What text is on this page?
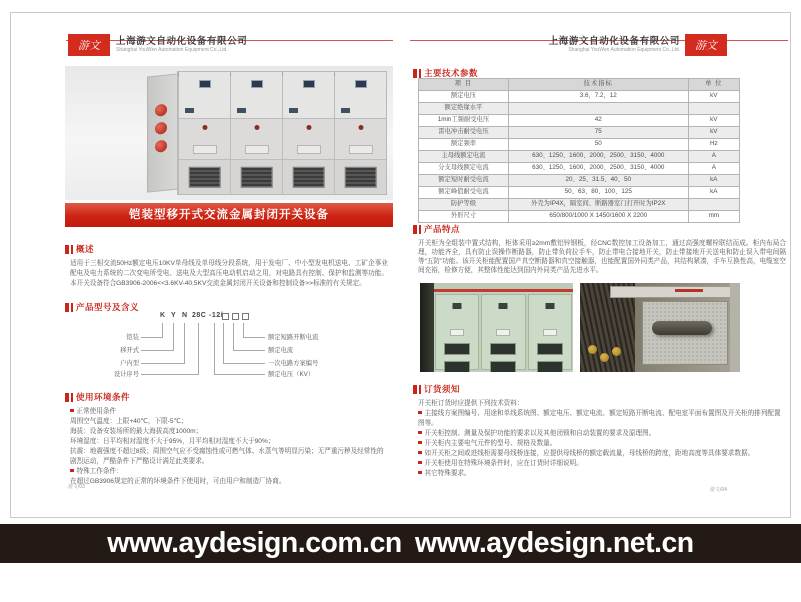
游文 上海游文自动化设备有限公司
Shanghai YouWen Automation Equipment Co.,Ltd.
铠装型移开式交流金属封闭开关设备
概述
适用于三相交流50Hz额定电压10KV单母线及单母线分段系统，用于发电厂、中小型发电机送电、工矿企事业配电及电力系统的二次变电所受电、送电及大型高压电动机启动之用，对电路具有控制、保护和监测等功能。本开关设备符合GB3906-2006<<3.6KV-40.5KV交流金属封闭开关设备和控制设备>>标准的有关规定。
产品型号及含义
K Y N 28C -12/
铠装
移开式
户内型
设计序号
额定短路开断电流
额定电流
一次电路方案编号
额定电压（KV）
使用环境条件
正常使用条件
周围空气温度：上限+40℃，下限-5℃；
海拔：设备安装场所的最大海拔高度1000m；
环境湿度：日平均相对湿度不大于95%，月平均相对湿度不大于90%；
抗震：地震强度不超过8级；周围空气应不受腐蚀性或可燃气体、水蒸气等明显污染；无严重污秽及经常性的剧烈运动，严酷条件下严酷设计满足此类要求。
特殊工作条件：
在超过GB3906规定的正常的环境条件下使用时，可由用户和制造厂协商。
游文/03
上海游文自动化设备有限公司
Shanghai YouWen Automation Equipment Co.,Ltd. 游文
主要技术参数
项 目	技术指标	单 位
额定电压	3.6，7.2，12	kV
额定绝缘水平		
1min工频耐受电压	42	kV
雷电冲击耐受电压	75	kV
额定频率	50	Hz
主母线额定电流	630、1250、1600、2000、2500、3150、4000	A
分支母线额定电流	630、1250、1600、2000、2500、3150、4000	A
额定短时耐受电流	20、25、31.5、40、50	kA
额定峰值耐受电流	50、63、80、100、125	kA
防护等级	外壳为IP4X，隔室间、断路器室门打开时为IP2X	
外形尺寸	650/800/1000 X 1450/1600 X 2200	mm
产品特点
开关柜为全组装中置式结构，柜体采用≥2mm敷铝锌钢板，经CNC数控加工设备加工，通过高强度螺栓联结而成。柜内布局合理，功能齐全，具有防止误操作断路器，防止带负荷拉手车，防止带电合接地开关，防止带接地开关送电和防止误入带电间隔等“五防”功能。该开关柜能配置国产真空断路器和真空接触器，也能配置国外同类产品，其结构紧凑，手车互换性高，电缆室空间充裕，检修方便，其整体性能达到国内外同类产品先进水平。
订货须知
开关柜订货时应提供下列技术资料：
主接线方案图编号、用途和单线系统图、额定电压、额定电流、额定短路开断电流、配电室平面布置图及开关柜的排列配置图等。
开关柜控制、测量及保护功能的要求以及其他闭锁和自动装置的要求及原理图。
开关柜内主要电气元件的型号、规格及数量。
如开关柜之间或进线柜需要母线桥连接，应提供母线桥的额定载流量，母线桥的跨度，距地高度等具体要求数据。
开关柜使用在特殊环境条件时，应在订货时详细说明。
其它特殊要求。
游文/04
www.aydesign.com.cn www.aydesign.net.cn 24Hotline:15601814031
